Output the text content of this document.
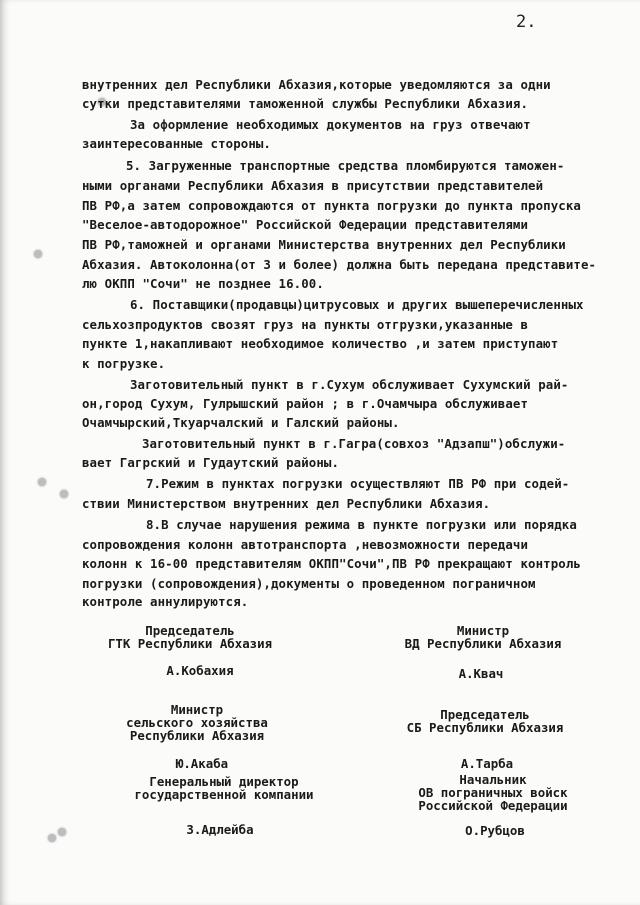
2.
внутренних дел Республики Абхазия,которые уведомляются за одни
сутки представителями таможенной службы Республики Абхазия.
За оформление необходимых документов на груз отвечают
заинтересованные стороны.
5. Загруженные транспортные средства пломбируются таможен-
ными органами Республики Абхазия в присутствии представителей
ПВ РФ,а затем сопровождаются от пункта погрузки до пункта пропуска
"Веселое-автодорожное" Российской Федерации представителями
ПВ РФ,таможней и органами Министерства внутренних дел Республики
Абхазия. Автоколонна(от 3 и более) должна быть передана представите-
лю ОКПП "Сочи" не позднее 16.00.
6. Поставщики(продавцы)цитрусовых и других вышеперечисленных
сельхозпродуктов свозят груз на пункты отгрузки,указанные в
пункте 1,накапливают необходимое количество ,и затем приступают
к погрузке.
Заготовительный пункт в г.Сухум обслуживает Сухумский рай-
он,город Сухум, Гулрышский район ; в г.Очамчыра обслуживает
Очамчырский,Ткуарчалский и Галский районы.
Заготовительный пункт в г.Гагра(совхоз "Адзапш")обслужи-
вает Гагрский и Гудаутский районы.
7.Режим в пунктах погрузки осуществляют ПВ РФ при содей-
ствии Министерством внутренних дел Республики Абхазия.
8.В случае нарушения режима в пункте погрузки или порядка
сопровождения колонн автотранспорта ,невозможности передачи
колонн к 16-00 представителям ОКПП"Сочи",ПВ РФ прекращают контроль
погрузки (сопровождения),документы о проведенном пограничном
контроле аннулируются.
Председатель
ГТК Республики Абхазия
А.Кобахия
Министр
сельского хозяйства
Республики Абхазия
Ю.Акаба
Генеральный директор
государственной компании
З.Адлейба
Министр
ВД Республики Абхазия
А.Квач
Председатель
СБ Республики Абхазия
А.Тарба
Начальник
ОВ пограничных войск
Российской Федерации
О.Рубцов
